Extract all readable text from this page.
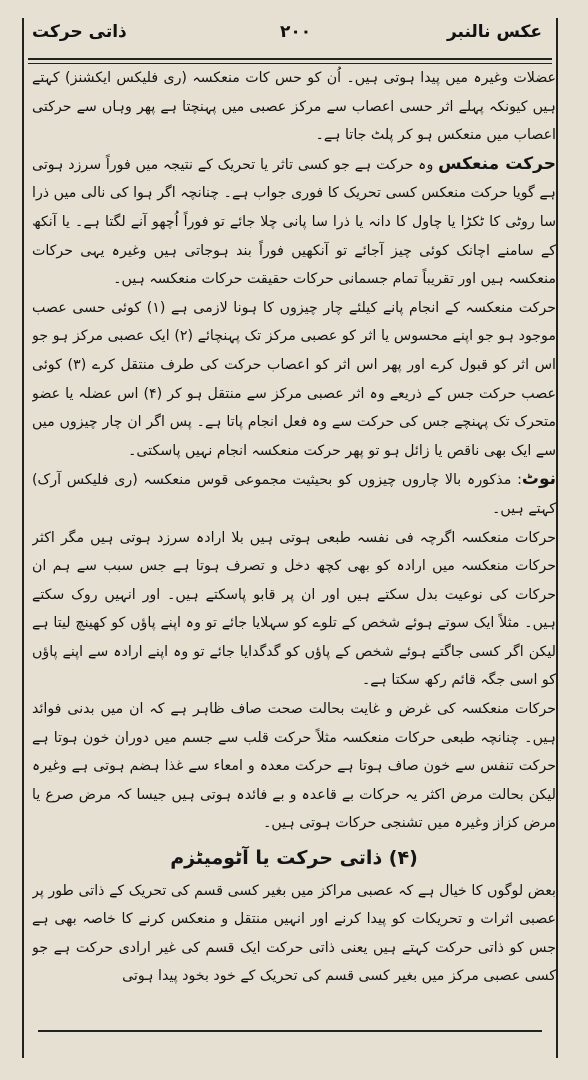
عکس نالنبر
۲۰۰
ذاتی حرکت

عضلات وغیرہ میں پیدا ہوتی ہیں۔ اُن کو حس کات منعکسہ (ری فلیکس ایکشنز) کہتے ہیں کیونکہ پہلے اثر حسی اعصاب سے مرکز عصبی میں پہنچتا ہے پھر وہاں سے حرکتی اعصاب میں منعکس ہو کر پلٹ جاتا ہے۔

حرکت منعکس وہ حرکت ہے جو کسی تاثر یا تحریک کے نتیجہ میں فوراً سرزد ہوتی ہے گویا حرکت منعکس کسی تحریک کا فوری جواب ہے۔ چنانچہ اگر ہوا کی نالی میں ذرا سا روٹی کا ٹکڑا یا چاول کا دانہ یا ذرا سا پانی چلا جائے تو فوراً اُچھو آنے لگتا ہے۔ یا آنکھ کے سامنے اچانک کوئی چیز آجائے تو آنکھیں فوراً بند ہوجاتی ہیں وغیرہ یہی حرکات منعکسہ ہیں اور تقریباً تمام جسمانی حرکات حقیقت حرکات منعکسہ ہیں۔

حرکت منعکسہ کے انجام پانے کیلئے چار چیزوں کا ہونا لازمی ہے (۱) کوئی حسی عصب موجود ہو جو اپنے محسوس یا اثر کو عصبی مرکز تک پہنچائے (۲) ایک عصبی مرکز ہو جو اس اثر کو قبول کرے اور پھر اس اثر کو اعصاب حرکت کی طرف منتقل کرے (۳) کوئی عصب حرکت جس کے ذریعے وہ اثر عصبی مرکز سے منتقل ہو کر (۴) اس عضلہ یا عضو متحرک تک پہنچے جس کی حرکت سے وہ فعل انجام پاتا ہے۔ پس اگر ان چار چیزوں میں سے ایک بھی ناقص یا زائل ہو تو پھر حرکت منعکسہ انجام نہیں پاسکتی۔

نوٹ: مذکورہ بالا چاروں چیزوں کو بحیثیت مجموعی قوس منعکسہ (ری فلیکس آرک) کہتے ہیں۔

حرکات منعکسہ اگرچہ فی نفسہ طبعی ہوتی ہیں بلا ارادہ سرزد ہوتی ہیں مگر اکثر حرکات منعکسہ میں ارادہ کو بھی کچھ دخل و تصرف ہوتا ہے جس سبب سے ہم ان حرکات کی نوعیت بدل سکتے ہیں اور ان پر قابو پاسکتے ہیں۔ اور انہیں روک سکتے ہیں۔ مثلاً ایک سوتے ہوئے شخص کے تلوے کو سہلایا جائے تو وہ اپنے پاؤں کو کھینچ لیتا ہے لیکن اگر کسی جاگتے ہوئے شخص کے پاؤں کو گدگدایا جائے تو وہ اپنے ارادہ سے اپنے پاؤں کو اسی جگہ قائم رکھ سکتا ہے۔

حرکات منعکسہ کی غرض و غایت بحالت صحت صاف ظاہر ہے کہ ان میں بدنی فوائد ہیں۔ چنانچہ طبعی حرکات منعکسہ مثلاً حرکت قلب سے جسم میں دوران خون ہوتا ہے حرکت تنفس سے خون صاف ہوتا ہے حرکت معدہ و امعاء سے غذا ہضم ہوتی ہے وغیرہ لیکن بحالت مرض اکثر یہ حرکات بے قاعدہ و بے فائدہ ہوتی ہیں جیسا کہ مرض صرع یا مرض کزاز وغیرہ میں تشنجی حرکات ہوتی ہیں۔

(۴) ذاتی حرکت یا آٹومیٹزم

بعض لوگوں کا خیال ہے کہ عصبی مراکز میں بغیر کسی قسم کی تحریک کے ذاتی طور پر عصبی اثرات و تحریکات کو پیدا کرنے اور انہیں منتقل و منعکس کرنے کا خاصہ بھی ہے جس کو ذاتی حرکت کہتے ہیں یعنی ذاتی حرکت ایک قسم کی غیر ارادی حرکت ہے جو کسی عصبی مرکز میں بغیر کسی قسم کی تحریک کے خود بخود پیدا ہوتی
